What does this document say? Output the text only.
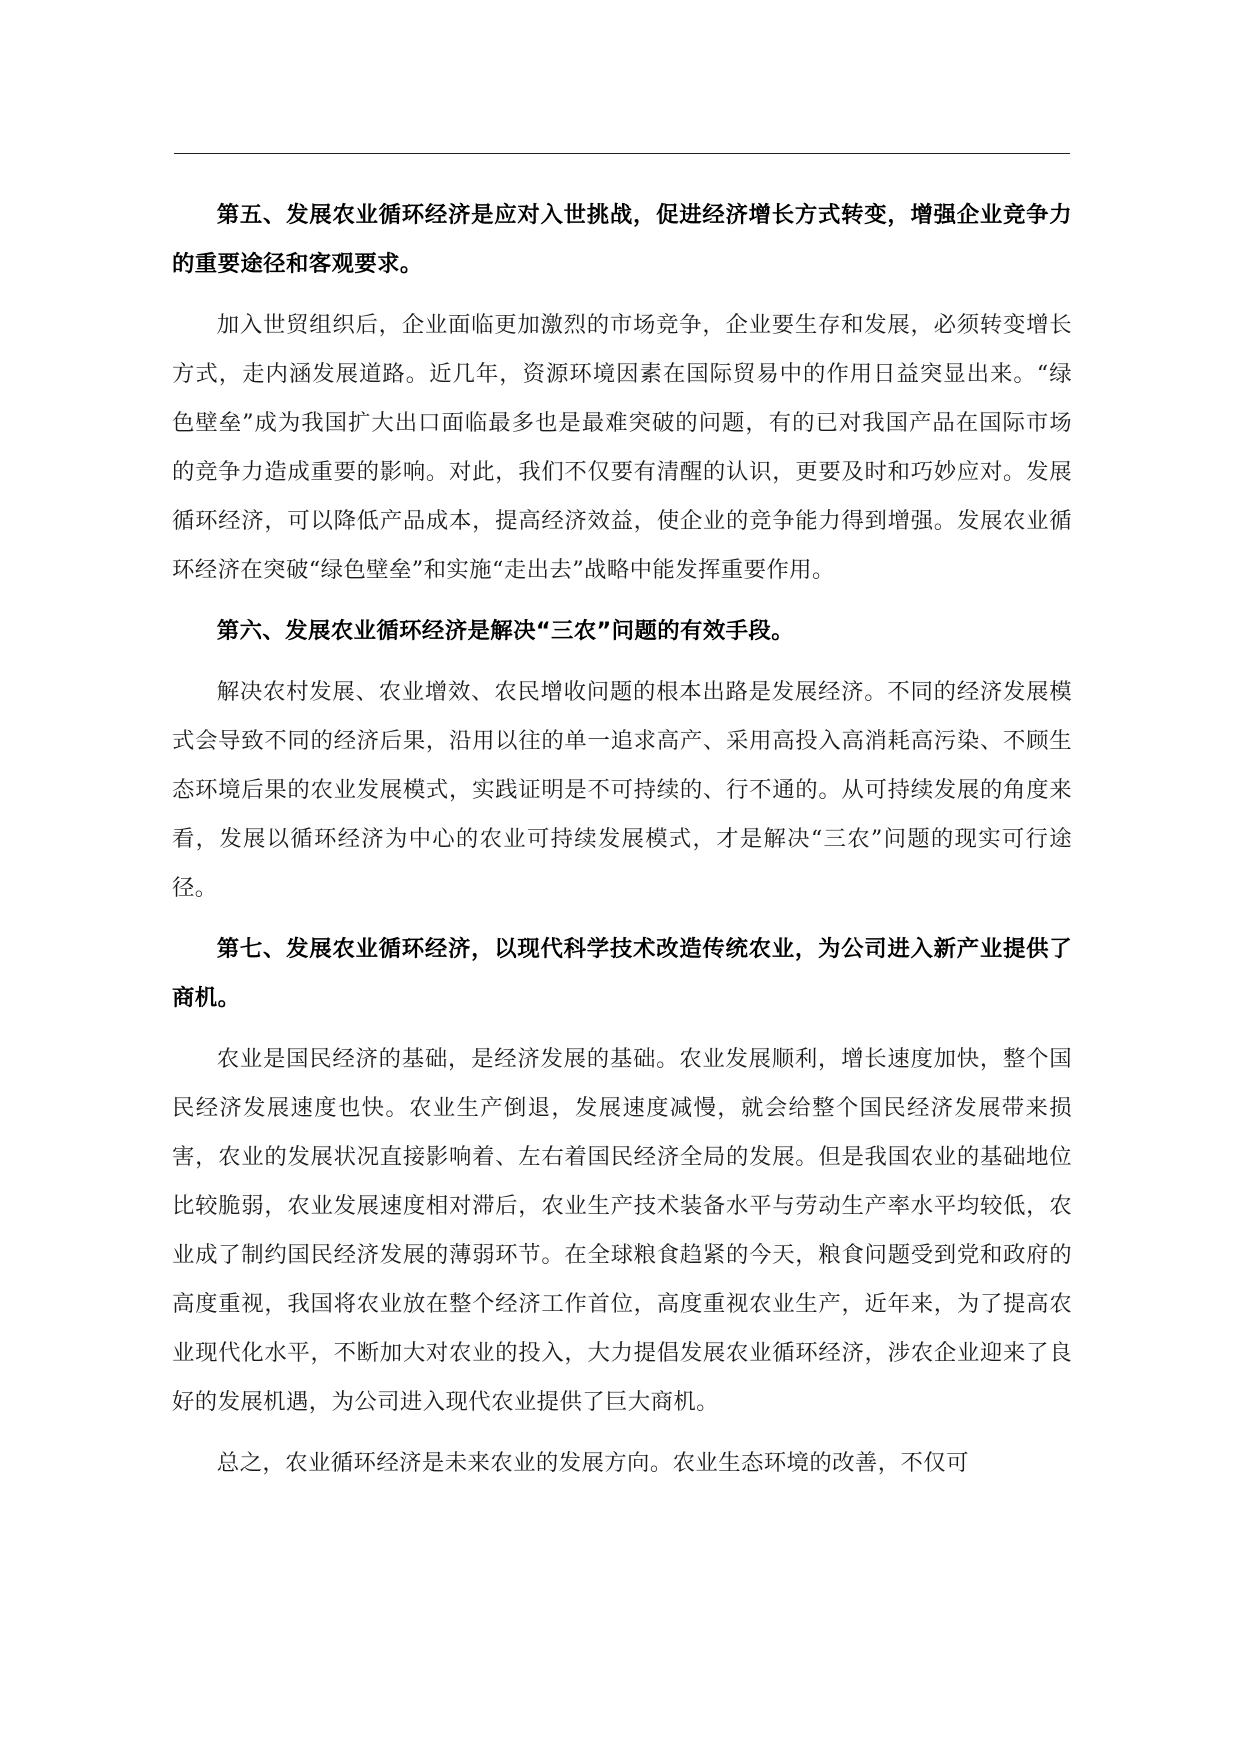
第五、发展农业循环经济是应对入世挑战，促进经济增长方式转变，增强企业竞争力的重要途径和客观要求。

加入世贸组织后，企业面临更加激烈的市场竞争，企业要生存和发展，必须转变增长方式，走内涵发展道路。近几年，资源环境因素在国际贸易中的作用日益突显出来。“绿色壁垒”成为我国扩大出口面临最多也是最难突破的问题，有的已对我国产品在国际市场的竞争力造成重要的影响。对此，我们不仅要有清醒的认识，更要及时和巧妙应对。发展循环经济，可以降低产品成本，提高经济效益，使企业的竞争能力得到增强。发展农业循环经济在突破“绿色壁垒”和实施“走出去”战略中能发挥重要作用。

第六、发展农业循环经济是解决“三农”问题的有效手段。

解决农村发展、农业增效、农民增收问题的根本出路是发展经济。不同的经济发展模式会导致不同的经济后果，沿用以往的单一追求高产、采用高投入高消耗高污染、不顾生态环境后果的农业发展模式，实践证明是不可持续的、行不通的。从可持续发展的角度来看，发展以循环经济为中心的农业可持续发展模式，才是解决“三农”问题的现实可行途径。

第七、发展农业循环经济，以现代科学技术改造传统农业，为公司进入新产业提供了商机。

农业是国民经济的基础，是经济发展的基础。农业发展顺利，增长速度加快，整个国民经济发展速度也快。农业生产倒退，发展速度减慢，就会给整个国民经济发展带来损害，农业的发展状况直接影响着、左右着国民经济全局的发展。但是我国农业的基础地位比较脆弱，农业发展速度相对滞后，农业生产技术装备水平与劳动生产率水平均较低，农业成了制约国民经济发展的薄弱环节。在全球粮食趋紧的今天，粮食问题受到党和政府的高度重视，我国将农业放在整个经济工作首位，高度重视农业生产，近年来，为了提高农业现代化水平，不断加大对农业的投入，大力提倡发展农业循环经济，涉农企业迎来了良好的发展机遇，为公司进入现代农业提供了巨大商机。

总之，农业循环经济是未来农业的发展方向。农业生态环境的改善，不仅可
